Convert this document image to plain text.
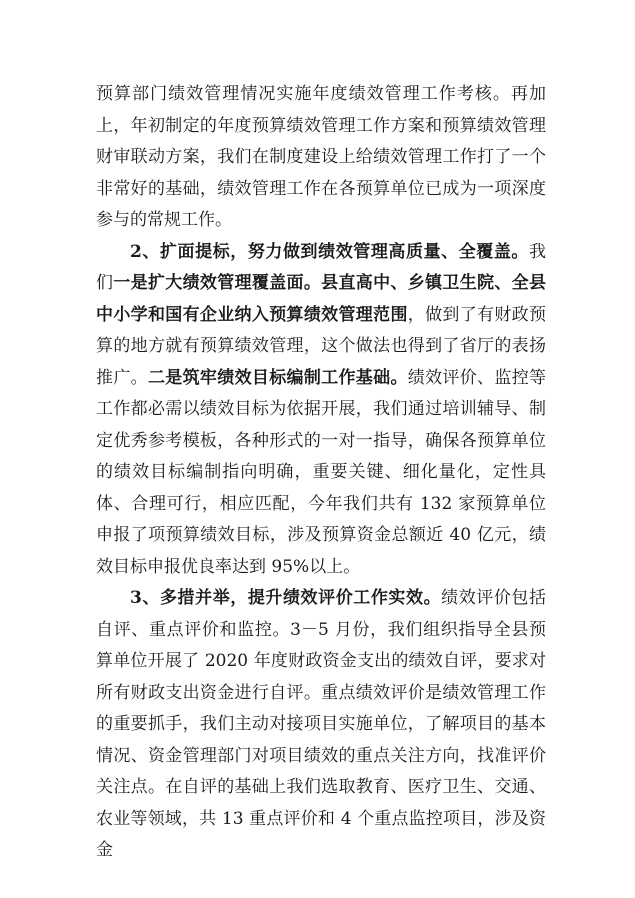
预算部门绩效管理情况实施年度绩效管理工作考核。再加上，年初制定的年度预算绩效管理工作方案和预算绩效管理财审联动方案，我们在制度建设上给绩效管理工作打了一个非常好的基础，绩效管理工作在各预算单位已成为一项深度参与的常规工作。

2、扩面提标，努力做到绩效管理高质量、全覆盖。我们一是扩大绩效管理覆盖面。县直高中、乡镇卫生院、全县中小学和国有企业纳入预算绩效管理范围，做到了有财政预算的地方就有预算绩效管理，这个做法也得到了省厅的表扬推广。二是筑牢绩效目标编制工作基础。绩效评价、监控等工作都必需以绩效目标为依据开展，我们通过培训辅导、制定优秀参考模板，各种形式的一对一指导，确保各预算单位的绩效目标编制指向明确，重要关键、细化量化，定性具体、合理可行，相应匹配，今年我们共有 132 家预算单位申报了项预算绩效目标，涉及预算资金总额近 40 亿元，绩效目标申报优良率达到 95%以上。

3、多措并举，提升绩效评价工作实效。绩效评价包括自评、重点评价和监控。3－5 月份，我们组织指导全县预算单位开展了 2020 年度财政资金支出的绩效自评，要求对所有财政支出资金进行自评。重点绩效评价是绩效管理工作的重要抓手，我们主动对接项目实施单位，了解项目的基本情况、资金管理部门对项目绩效的重点关注方向，找准评价关注点。在自评的基础上我们选取教育、医疗卫生、交通、农业等领域，共 13 重点评价和 4 个重点监控项目，涉及资金
